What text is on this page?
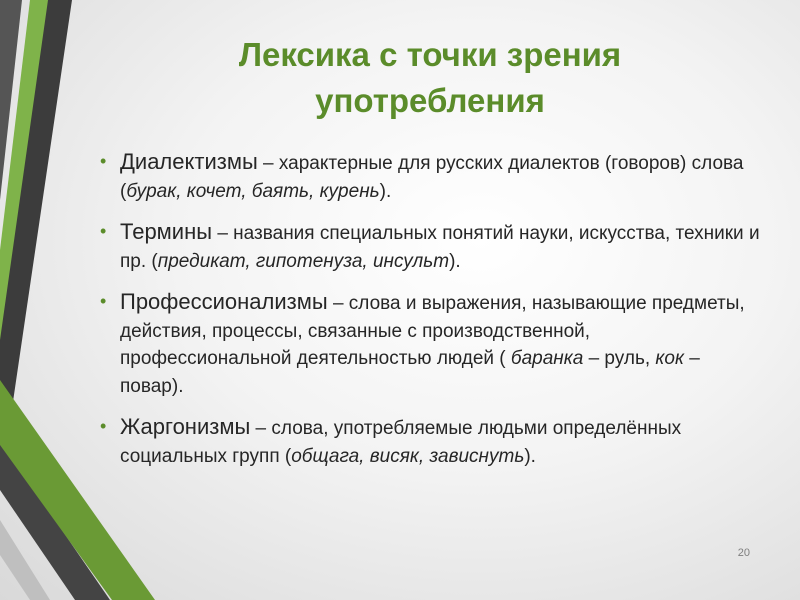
Лексика с точки зрения употребления
• Диалектизмы – характерные для русских диалектов (говоров) слова (бурак, кочет, баять, курень).
• Термины – названия специальных понятий науки, искусства, техники и пр. (предикат, гипотенуза, инсульт).
• Профессионализмы – слова и выражения, называющие предметы, действия, процессы, связанные с производственной, профессиональной деятельностью людей ( баранка – руль, кок – повар).
• Жаргонизмы – слова, употребляемые людьми определённых социальных групп (общага, висяк, зависнуть).
20
